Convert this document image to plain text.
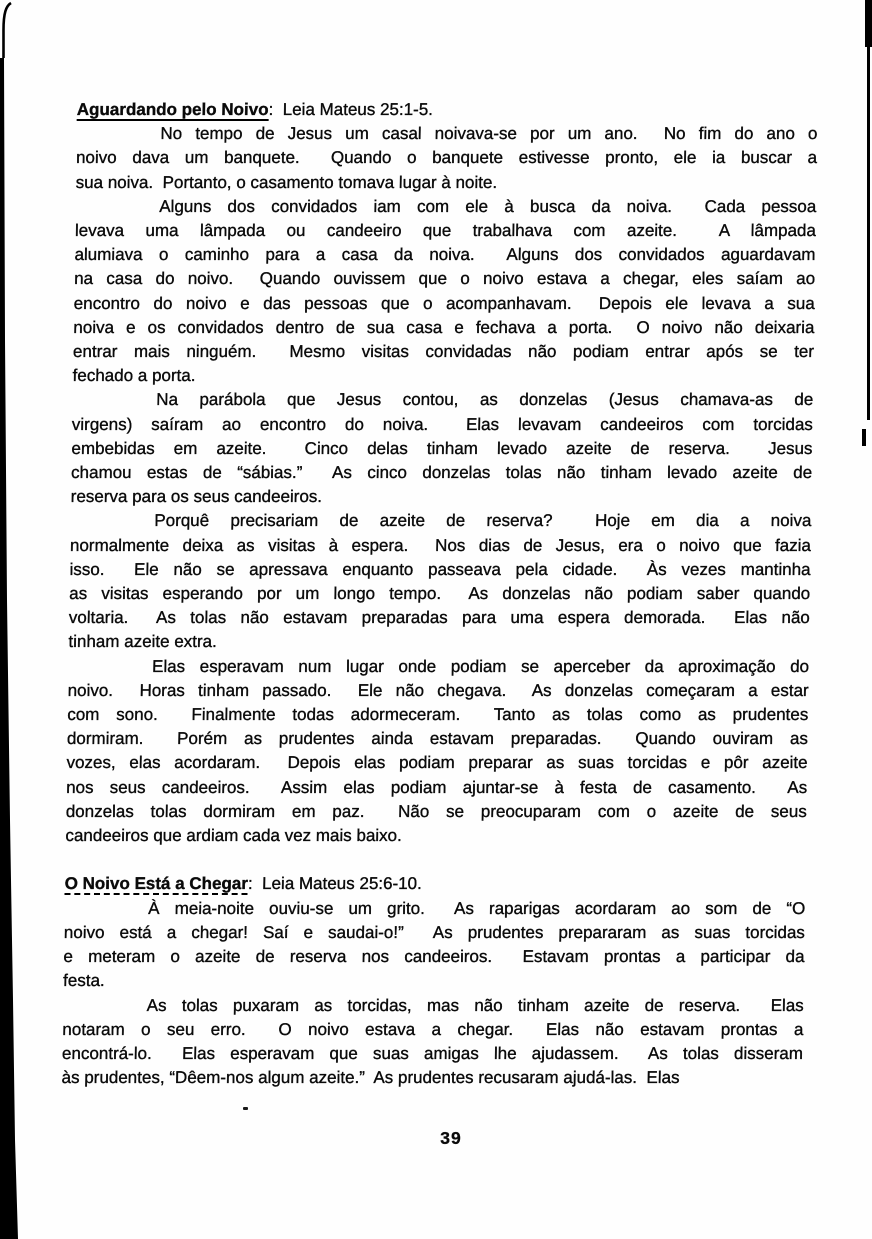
Aguardando pelo Noivo:  Leia Mateus 25:1-5.

No tempo de Jesus um casal noivava-se por um ano.  No fim do ano o
noivo dava um banquete.  Quando o banquete estivesse pronto, ele ia buscar a
sua noiva.  Portanto, o casamento tomava lugar à noite.
Alguns dos convidados iam com ele à busca da noiva.  Cada pessoa
levava uma lâmpada ou candeeiro que trabalhava com azeite.  A lâmpada
alumiava o caminho para a casa da noiva.  Alguns dos convidados aguardavam
na casa do noivo.  Quando ouvissem que o noivo estava a chegar, eles saíam ao
encontro do noivo e das pessoas que o acompanhavam.  Depois ele levava a sua
noiva e os convidados dentro de sua casa e fechava a porta.  O noivo não deixaria
entrar mais ninguém.  Mesmo visitas convidadas não podiam entrar após se ter
fechado a porta.
Na parábola que Jesus contou, as donzelas (Jesus chamava-as de
virgens) saíram ao encontro do noiva.  Elas levavam candeeiros com torcidas
embebidas em azeite.  Cinco delas tinham levado azeite de reserva.  Jesus
chamou estas de “sábias.”  As cinco donzelas tolas não tinham levado azeite de
reserva para os seus candeeiros.
Porquê precisariam de azeite de reserva?  Hoje em dia a noiva
normalmente deixa as visitas à espera.  Nos dias de Jesus, era o noivo que fazia
isso.  Ele não se apressava enquanto passeava pela cidade.  Às vezes mantinha
as visitas esperando por um longo tempo.  As donzelas não podiam saber quando
voltaria.  As tolas não estavam preparadas para uma espera demorada.  Elas não
tinham azeite extra.
Elas esperavam num lugar onde podiam se aperceber da aproximação do
noivo.  Horas tinham passado.  Ele não chegava.  As donzelas começaram a estar
com sono.  Finalmente todas adormeceram.  Tanto as tolas como as prudentes
dormiram.  Porém as prudentes ainda estavam preparadas.  Quando ouviram as
vozes, elas acordaram.  Depois elas podiam preparar as suas torcidas e pôr azeite
nos seus candeeiros.  Assim elas podiam ajuntar-se à festa de casamento.  As
donzelas tolas dormiram em paz.  Não se preocuparam com o azeite de seus
candeeiros que ardiam cada vez mais baixo.

O Noivo Está a Chegar:  Leia Mateus 25:6-10.

À meia-noite ouviu-se um grito.  As raparigas acordaram ao som de “O
noivo está a chegar! Saí e saudai-o!”  As prudentes prepararam as suas torcidas
e meteram o azeite de reserva nos candeeiros.  Estavam prontas a participar da
festa.
As tolas puxaram as torcidas, mas não tinham azeite de reserva.  Elas
notaram o seu erro.  O noivo estava a chegar.  Elas não estavam prontas a
encontrá-lo.  Elas esperavam que suas amigas lhe ajudassem.  As tolas disseram
às prudentes, “Dêem-nos algum azeite.”  As prudentes recusaram ajudá-las.  Elas
39
